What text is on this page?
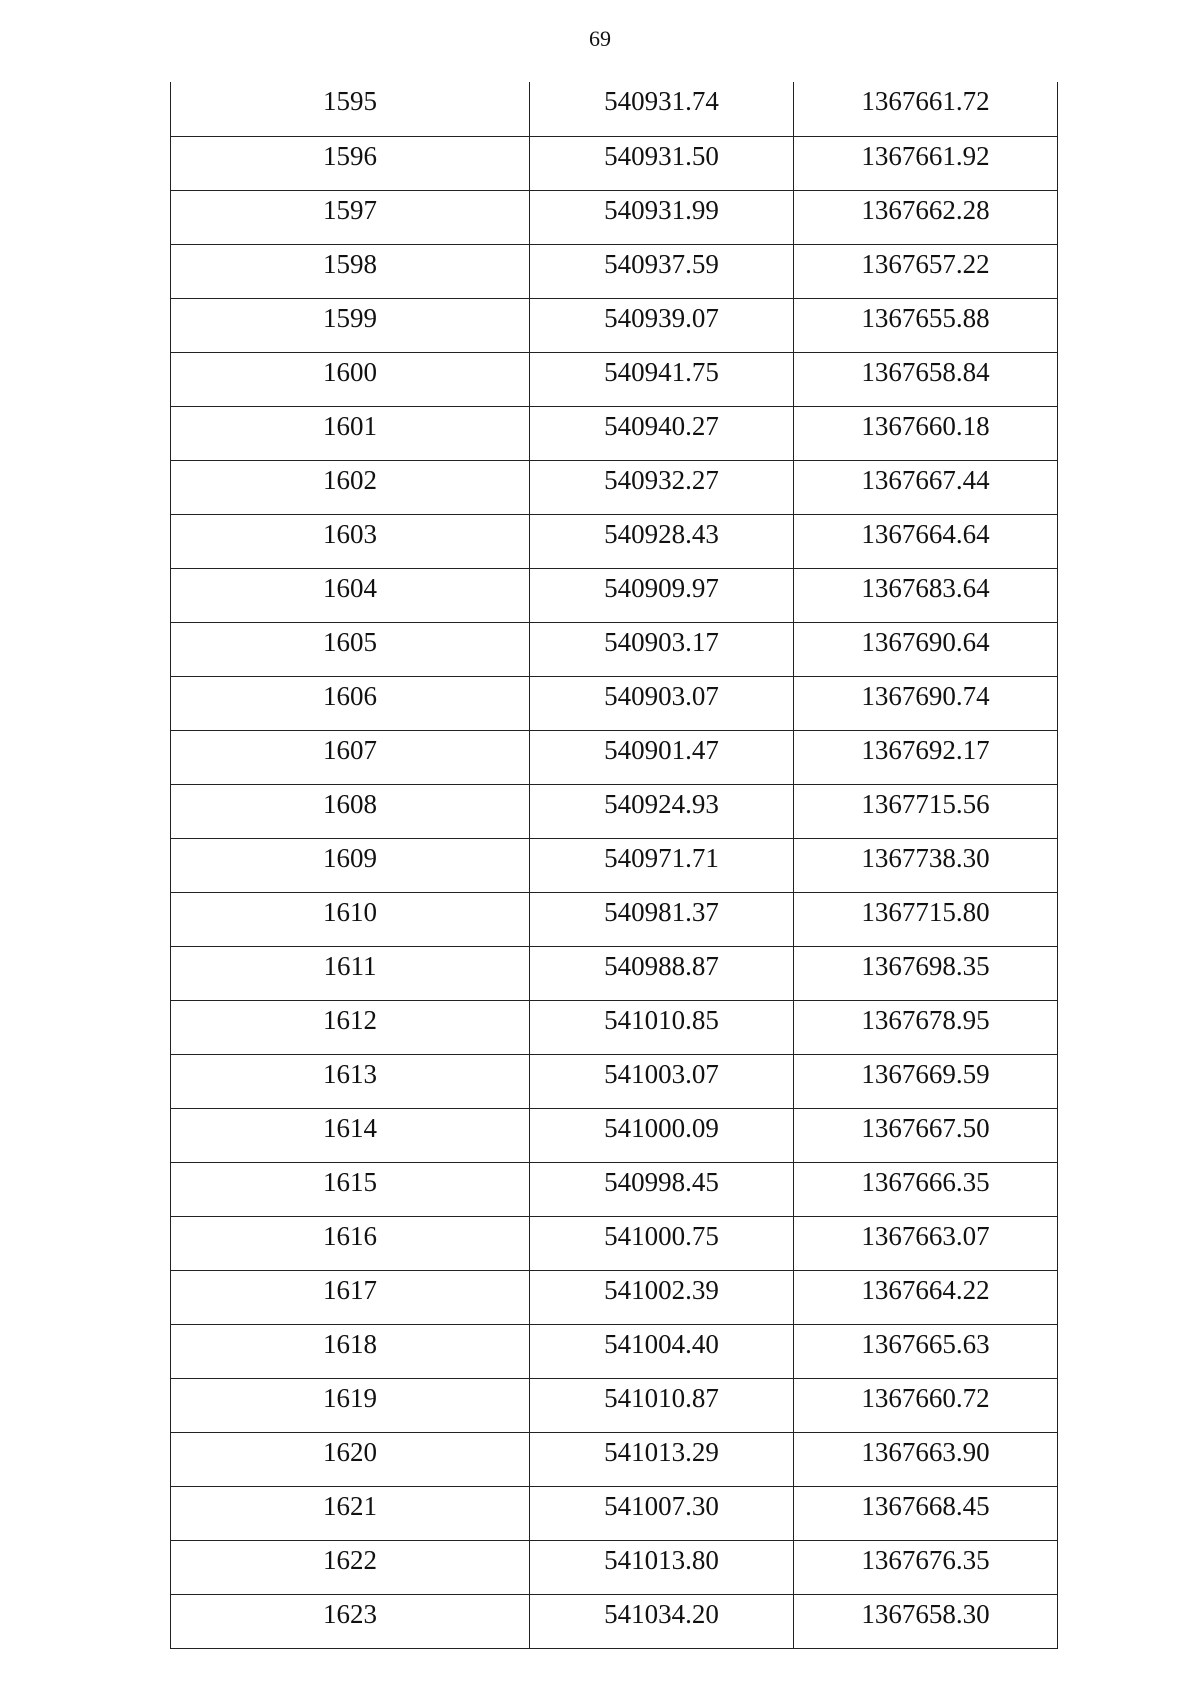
69
1595	540931.74	1367661.72
1596	540931.50	1367661.92
1597	540931.99	1367662.28
1598	540937.59	1367657.22
1599	540939.07	1367655.88
1600	540941.75	1367658.84
1601	540940.27	1367660.18
1602	540932.27	1367667.44
1603	540928.43	1367664.64
1604	540909.97	1367683.64
1605	540903.17	1367690.64
1606	540903.07	1367690.74
1607	540901.47	1367692.17
1608	540924.93	1367715.56
1609	540971.71	1367738.30
1610	540981.37	1367715.80
1611	540988.87	1367698.35
1612	541010.85	1367678.95
1613	541003.07	1367669.59
1614	541000.09	1367667.50
1615	540998.45	1367666.35
1616	541000.75	1367663.07
1617	541002.39	1367664.22
1618	541004.40	1367665.63
1619	541010.87	1367660.72
1620	541013.29	1367663.90
1621	541007.30	1367668.45
1622	541013.80	1367676.35
1623	541034.20	1367658.30
